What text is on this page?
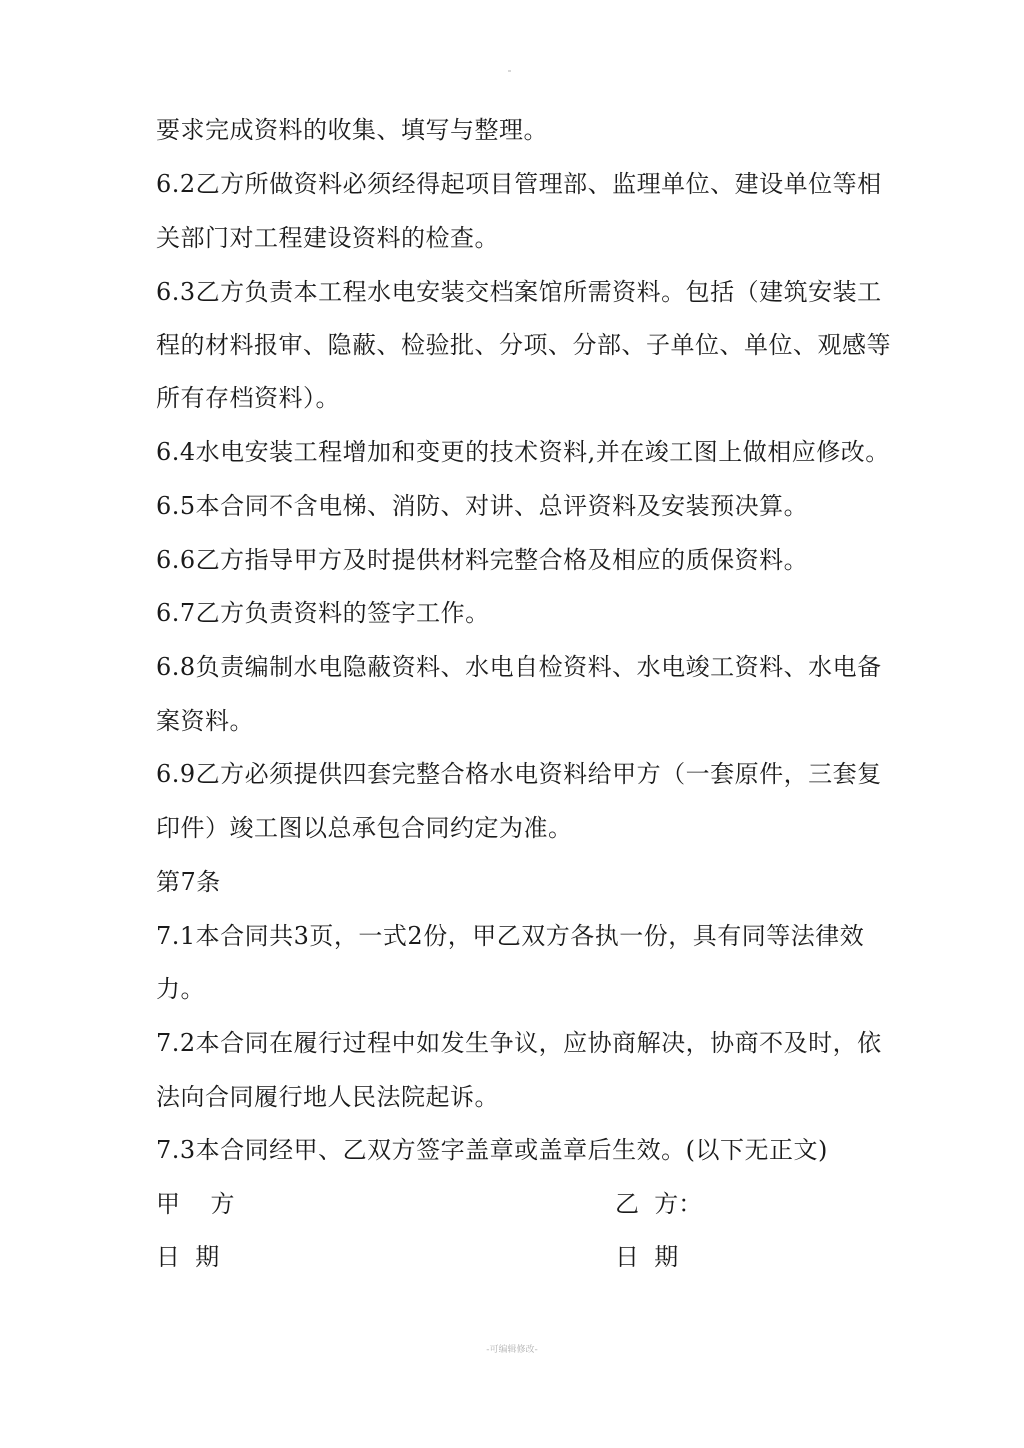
要求完成资料的收集、填写与整理。
6.2乙方所做资料必须经得起项目管理部、监理单位、建设单位等相
关部门对工程建设资料的检查。
6.3乙方负责本工程水电安装交档案馆所需资料。包括（建筑安装工
程的材料报审、隐蔽、检验批、分项、分部、子单位、单位、观感等
所有存档资料）。
6.4水电安装工程增加和变更的技术资料,并在竣工图上做相应修改。
6.5本合同不含电梯、消防、对讲、总评资料及安装预决算。
6.6乙方指导甲方及时提供材料完整合格及相应的质保资料。
6.7乙方负责资料的签字工作。
6.8负责编制水电隐蔽资料、水电自检资料、水电竣工资料、水电备
案资料。
6.9乙方必须提供四套完整合格水电资料给甲方（一套原件，三套复
印件）竣工图以总承包合同约定为准。
第7条
7.1本合同共3页，一式2份，甲乙双方各执一份，具有同等法律效
力。
7.2本合同在履行过程中如发生争议，应协商解决，协商不及时，依
法向合同履行地人民法院起诉。
7.3本合同经甲、乙双方签字盖章或盖章后生效。(以下无正文)
甲    方	乙  方：
日  期	日  期
-可编辑修改-
